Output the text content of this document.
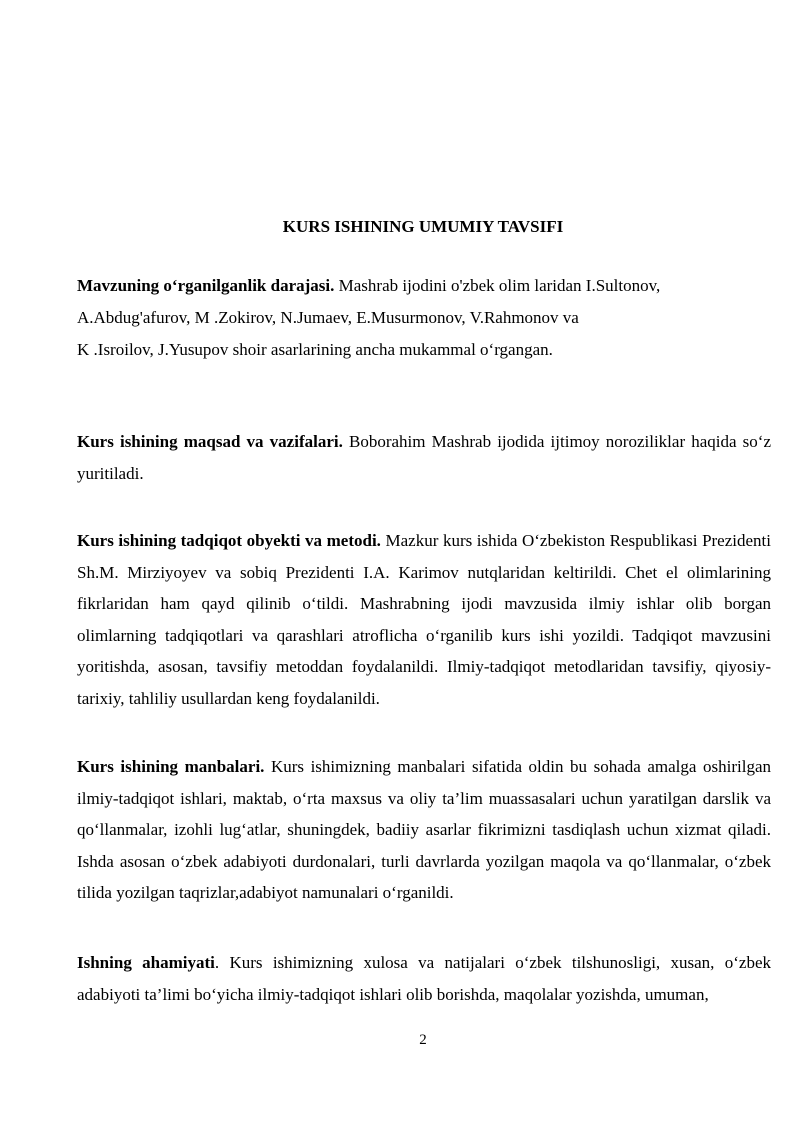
KURS ISHINING UMUMIY TAVSIFI

Mavzuning o‘rganilganlik darajasi. Mashrab ijodini o'zbek olim laridan I.Sultonov,
A.Abdug'afurov, M .Zokirov, N.Jumaev, E.Musurmonov, V.Rahmonov va
K .Isroilov, J.Yusupov shoir asarlarining ancha mukammal o‘rgangan.

Kurs ishining maqsad va vazifalari. Boborahim Mashrab ijodida ijtimoy noroziliklar haqida so‘z yuritiladi.

Kurs ishining tadqiqot obyekti va metodi. Mazkur kurs ishida O‘zbekiston Respublikasi Prezidenti Sh.M. Mirziyoyev va sobiq Prezidenti I.A. Karimov nutqlaridan keltirildi. Chet el olimlarining fikrlaridan ham qayd qilinib o‘tildi. Mashrabning ijodi mavzusida ilmiy ishlar olib borgan olimlarning tadqiqotlari va qarashlari atroflicha o‘rganilib kurs ishi yozildi. Tadqiqot mavzusini yoritishda, asosan, tavsifiy metoddan foydalanildi. Ilmiy-tadqiqot metodlaridan tavsifiy, qiyosiy-tarixiy, tahliliy usullardan keng foydalanildi.

Kurs ishining manbalari. Kurs ishimizning manbalari sifatida oldin bu sohada amalga oshirilgan ilmiy-tadqiqot ishlari, maktab, o‘rta maxsus va oliy ta’lim muassasalari uchun yaratilgan darslik va qo‘llanmalar, izohli lug‘atlar, shuningdek, badiiy asarlar fikrimizni tasdiqlash uchun xizmat qiladi. Ishda asosan o‘zbek adabiyoti durdonalari, turli davrlarda yozilgan maqola va qo‘llanmalar, o‘zbek tilida yozilgan taqrizlar,adabiyot namunalari o‘rganildi.

Ishning ahamiyati. Kurs ishimizning xulosa va natijalari o‘zbek tilshunosligi, xusan, o‘zbek adabiyoti ta’limi bo‘yicha ilmiy-tadqiqot ishlari olib borishda, maqolalar yozishda, umuman,

2
